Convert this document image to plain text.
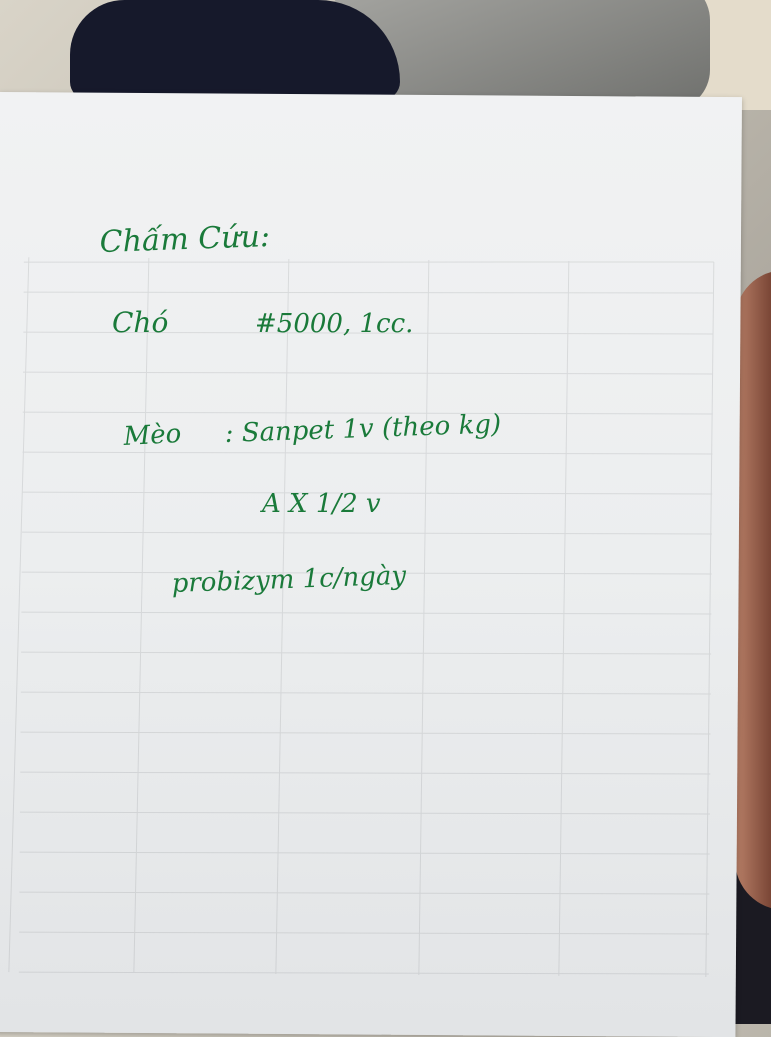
Chấm Cứu:
Chó	#5000, 1cc.
Mèo : Sanpet 1v (theo kg)
A X 1/2 v
probizym 1c/ngày
